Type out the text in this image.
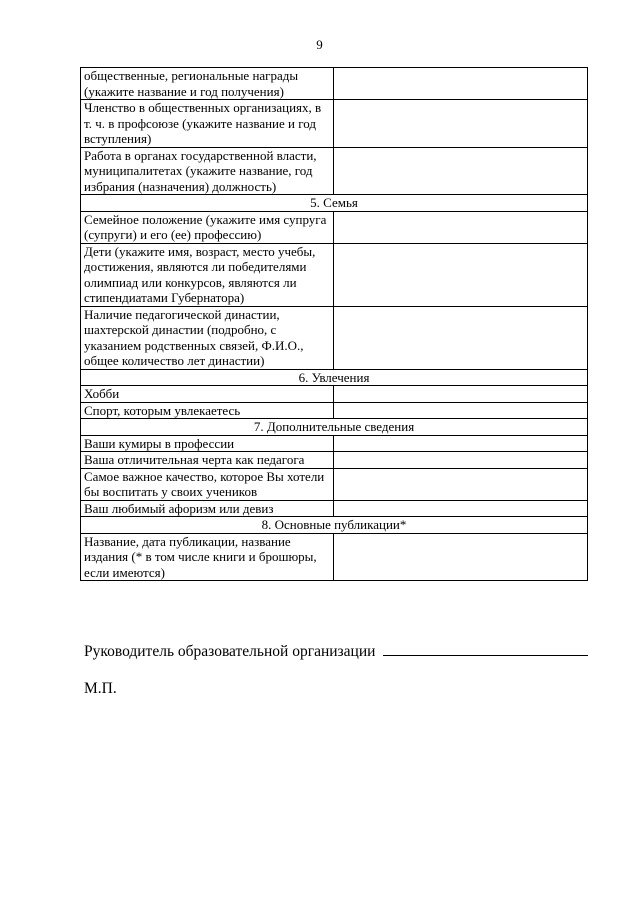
9
общественные, региональные награды (укажите название и год получения)	
Членство в общественных организациях, в т. ч. в профсоюзе (укажите название и год вступления)	
Работа в органах государственной власти, муниципалитетах (укажите название, год избрания (назначения) должность)	
5. Семья	
Семейное положение (укажите имя супруга (супруги) и его (ее) профессию)	
Дети (укажите имя, возраст, место учебы, достижения, являются ли победителями олимпиад или конкурсов, являются ли стипендиатами Губернатора)	
Наличие педагогической династии, шахтерской династии (подробно, с указанием родственных связей, Ф.И.О., общее количество лет династии)	
6. Увлечения	
Хобби	
Спорт, которым увлекаетесь	
7. Дополнительные сведения	
Ваши кумиры в профессии	
Ваша отличительная черта как педагога	
Самое важное качество, которое Вы хотели бы воспитать у своих учеников	
Ваш любимый афоризм или девиз	
8. Основные публикации*	
Название, дата публикации, название издания (* в том числе книги и брошюры, если имеются)	
Руководитель образовательной организации
М.П.
